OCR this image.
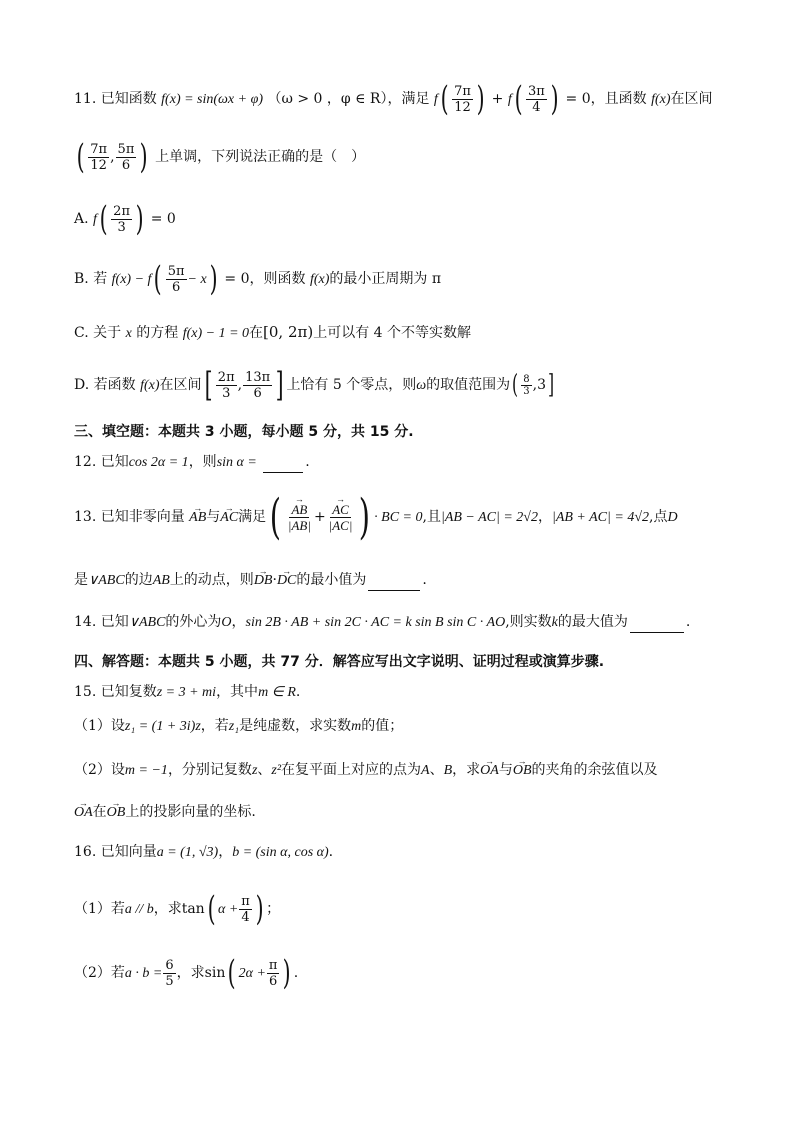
11. 已知函数 f(x) = sin(ωx + φ) （ω > 0 ，φ ∈ R），满足 $f( \frac{7\pi}{12}$ ) + $f( \frac{3\pi}{4}$ ) = 0，且函数 f(x)在区间
( $\frac{7\pi}{12}$ , $\frac{5\pi}{6}$ ) 上单调，下列说法正确的是（　）
A. $f( \frac{2\pi}{3}$ ) = 0
B. 若 $f(x) - f( \frac{5\pi}{6} - x) = 0$，则函数 f(x)的最小正周期为 π
C. 关于 x 的方程 f(x) − 1 = 0在[0, 2π)上可以有 4 个不等实数解
D. 若函数 f(x)在区间[ $\frac{2\pi}{3}$ , $\frac{13\pi}{6}$ ] 上恰有 5 个零点，则ω的取值范围为( $\frac{8}{3} ,3$]
三、填空题：本题共 3 小题，每小题 5 分，共 15 分.
12. 已知cos 2α = 1，则sin α =	.
13. 已知非零向量 → AB与→ AC满足( → $\frac{AB}{|AB|}$ + → $\frac{AC}{|AC|}$ ) · BC = 0,且|AB − AC| = 2√2，|AB + AC| = 4√2,点D
是∨ABC的边AB上的动点，则→ DB·→ DC的最小值为	.
14. 已知∨ABC的外心为O，sin 2B · AB + sin 2C · AC = k sin B sin C · AO,则实数k的最大值为	.
四、解答题：本题共 5 小题，共 77 分．解答应写出文字说明、证明过程或演算步骤.
15. 已知复数z = 3 + mi，其中m ∈ R.
（1）设z₁ = (1 + 3i)z，若z₁是纯虚数，求实数m的值；
（2）设m = −1，分别记复数z、z²在复平面上对应的点为A、B，求→ OA与→ OB的夹角的余弦值以及
→ OA在→ OB上的投影向量的坐标.
16. 已知向量a = (1, √3)，b = (sin α, cos α).
（1）若a // b，求tan( $\alpha + \frac{\pi}{4}$ ) ；
（2）若$a \cdot b = \frac{6}{5}$ ，求sin( $2\alpha + \frac{\pi}{6}$ ) .
